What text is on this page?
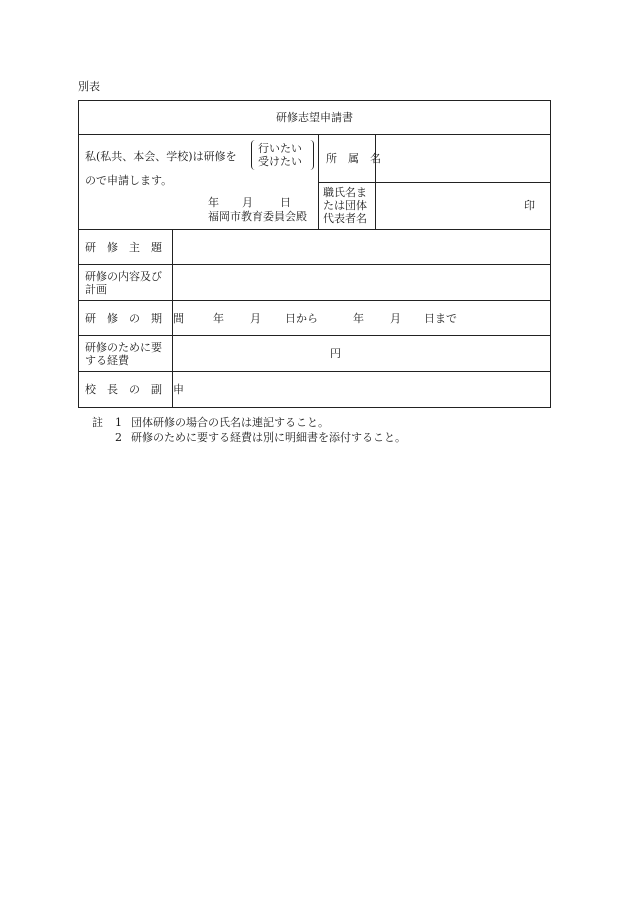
別表
研修志望申請書
私(私共、本会、学校)は研修を
行いたい
受けたい
ので申請します。
年 月 日
福岡市教育委員会殿
所　属　名
職氏名ま
たは団体
代表者名
印
研　修　主　題
研修の内容及び
計画
研　修　の　期　間	年 月 日から	年 月 日まで
研修のために要
する経費
円
校　長　の　副　申
註 1 団体研修の場合の氏名は連記すること。
2 研修のために要する経費は別に明細書を添付すること。
